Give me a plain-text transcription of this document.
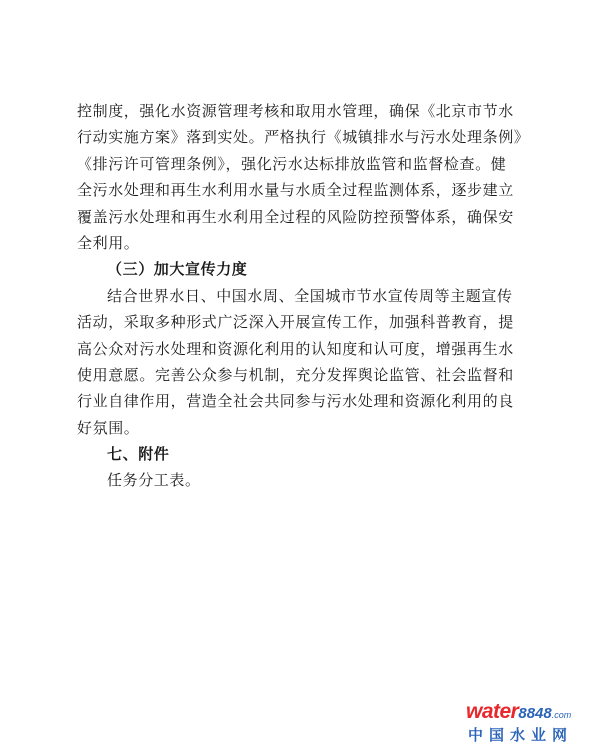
控制度，强化水资源管理考核和取用水管理，确保《北京市节水
行动实施方案》落到实处。严格执行《城镇排水与污水处理条例》
《排污许可管理条例》，强化污水达标排放监管和监督检查。健
全污水处理和再生水利用水量与水质全过程监测体系，逐步建立
覆盖污水处理和再生水利用全过程的风险防控预警体系，确保安
全利用。
（三）加大宣传力度
结合世界水日、中国水周、全国城市节水宣传周等主题宣传
活动，采取多种形式广泛深入开展宣传工作，加强科普教育，提
高公众对污水处理和资源化利用的认知度和认可度，增强再生水
使用意愿。完善公众参与机制，充分发挥舆论监管、社会监督和
行业自律作用，营造全社会共同参与污水处理和资源化利用的良
好氛围。
七、附件
任务分工表。
water8848.com
中国水业网
